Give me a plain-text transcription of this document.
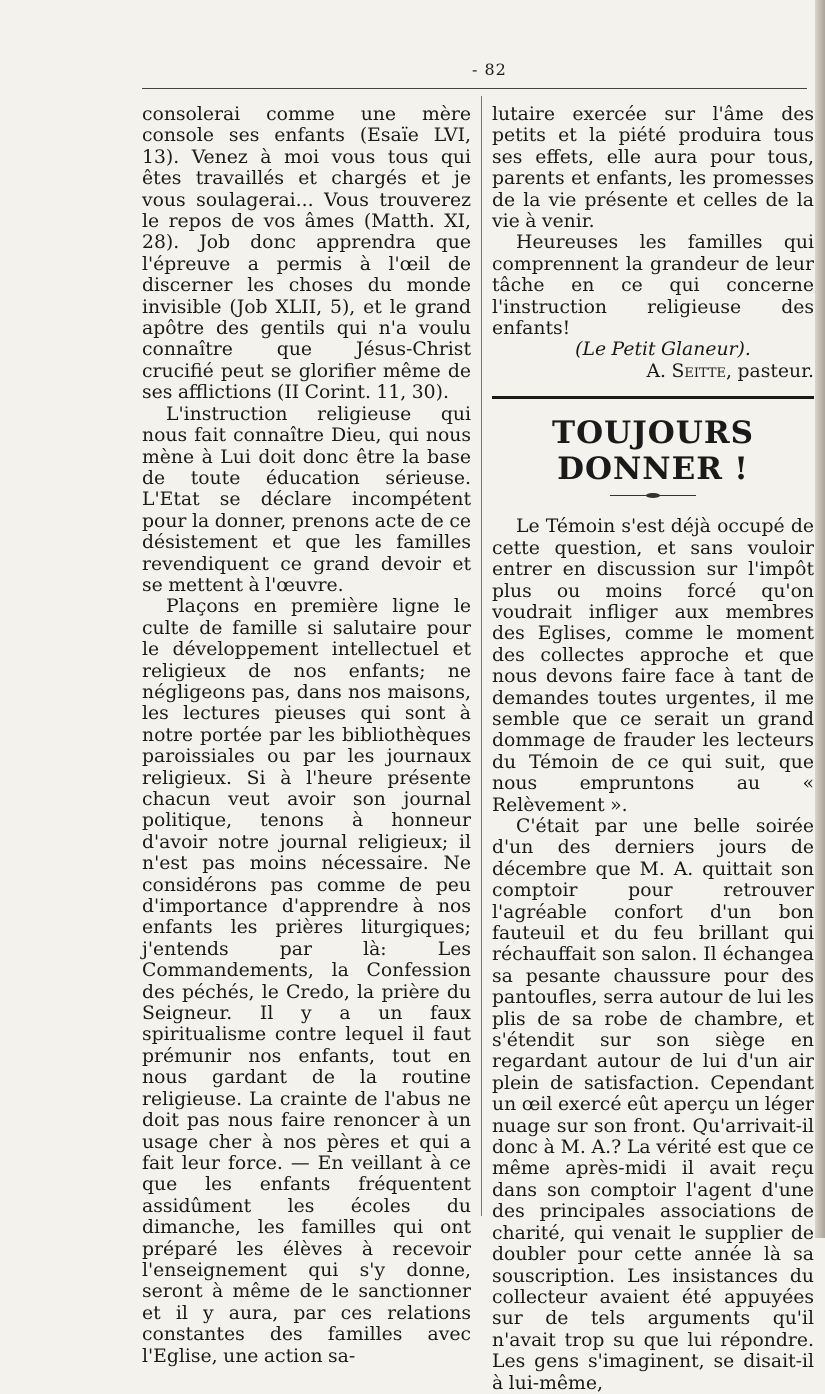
- 82

consolerai comme une mère console ses enfants (Esaïe LVI, 13). Venez à moi vous tous qui êtes travaillés et chargés et je vous soulagerai... Vous trouverez le repos de vos âmes (Matth. XI, 28). Job donc apprendra que l'épreuve a permis à l'œil de discerner les choses du monde invisible (Job XLII, 5), et le grand apôtre des gentils qui n'a voulu connaître que Jésus-Christ crucifié peut se glorifier même de ses afflictions (II Corint. 11, 30).

L'instruction religieuse qui nous fait connaître Dieu, qui nous mène à Lui doit donc être la base de toute éducation sérieuse. L'Etat se déclare incompétent pour la donner, prenons acte de ce désistement et que les familles revendiquent ce grand devoir et se mettent à l'œuvre.

Plaçons en première ligne le culte de famille si salutaire pour le développement intellectuel et religieux de nos enfants; ne négligeons pas, dans nos maisons, les lectures pieuses qui sont à notre portée par les bibliothèques paroissiales ou par les journaux religieux. Si à l'heure présente chacun veut avoir son journal politique, tenons à honneur d'avoir notre journal religieux; il n'est pas moins nécessaire. Ne considérons pas comme de peu d'importance d'apprendre à nos enfants les prières liturgiques; j'entends par là: Les Commandements, la Confession des péchés, le Credo, la prière du Seigneur. Il y a un faux spiritualisme contre lequel il faut prémunir nos enfants, tout en nous gardant de la routine religieuse. La crainte de l'abus ne doit pas nous faire renoncer à un usage cher à nos pères et qui a fait leur force. — En veillant à ce que les enfants fréquentent assidûment les écoles du dimanche, les familles qui ont préparé les élèves à recevoir l'enseignement qui s'y donne, seront à même de le sanctionner et il y aura, par ces relations constantes des familles avec l'Eglise, une action sa-

lutaire exercée sur l'âme des petits et la piété produira tous ses effets, elle aura pour tous, parents et enfants, les promesses de la vie présente et celles de la vie à venir.

Heureuses les familles qui comprennent la grandeur de leur tâche en ce qui concerne l'instruction religieuse des enfants!

(Le Petit Glaneur).

A. Seitte, pasteur.

TOUJOURS DONNER !

Le Témoin s'est déjà occupé de cette question, et sans vouloir entrer en discussion sur l'impôt plus ou moins forcé qu'on voudrait infliger aux membres des Eglises, comme le moment des collectes approche et que nous devons faire face à tant de demandes toutes urgentes, il me semble que ce serait un grand dommage de frauder les lecteurs du Témoin de ce qui suit, que nous empruntons au « Relèvement ».

C'était par une belle soirée d'un des derniers jours de décembre que M. A. quittait son comptoir pour retrouver l'agréable confort d'un bon fauteuil et du feu brillant qui réchauffait son salon. Il échangea sa pesante chaussure pour des pantoufles, serra autour de lui les plis de sa robe de chambre, et s'étendit sur son siège en regardant autour de lui d'un air plein de satisfaction. Cependant un œil exercé eût aperçu un léger nuage sur son front. Qu'arrivait-il donc à M. A.? La vérité est que ce même après-midi il avait reçu dans son comptoir l'agent d'une des principales associations de charité, qui venait le supplier de doubler pour cette année là sa souscription. Les insistances du collecteur avaient été appuyées sur de tels arguments qu'il n'avait trop su que lui répondre. Les gens s'imaginent, se disait-il à lui-même,
